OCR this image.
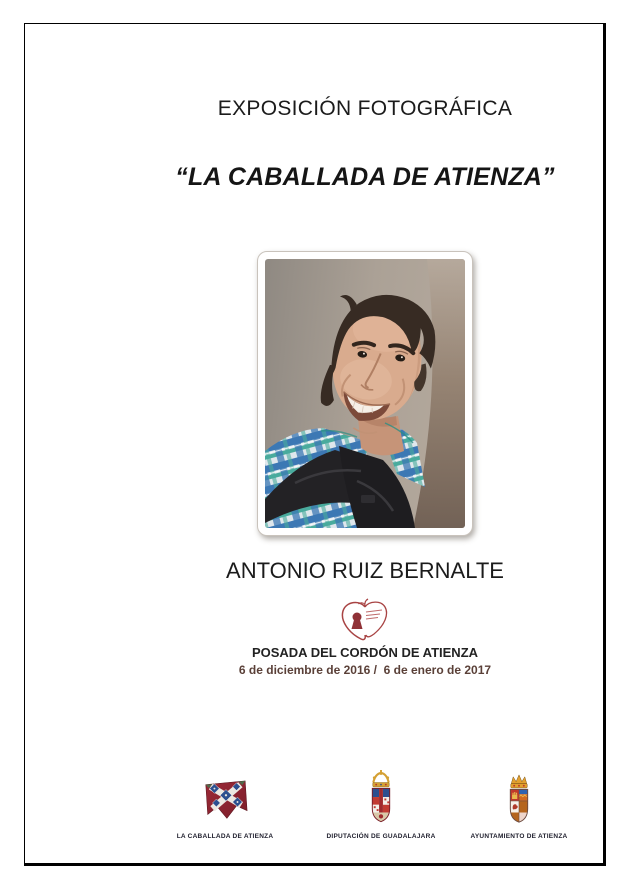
EXPOSICIÓN FOTOGRÁFICA
“LA CABALLADA DE ATIENZA”
ANTONIO RUIZ BERNALTE
POSADA DEL CORDÓN DE ATIENZA
6 de diciembre de 2016 /  6 de enero de 2017
LA CABALLADA DE ATIENZA	DIPUTACIÓN DE GUADALAJARA	AYUNTAMIENTO DE ATIENZA
